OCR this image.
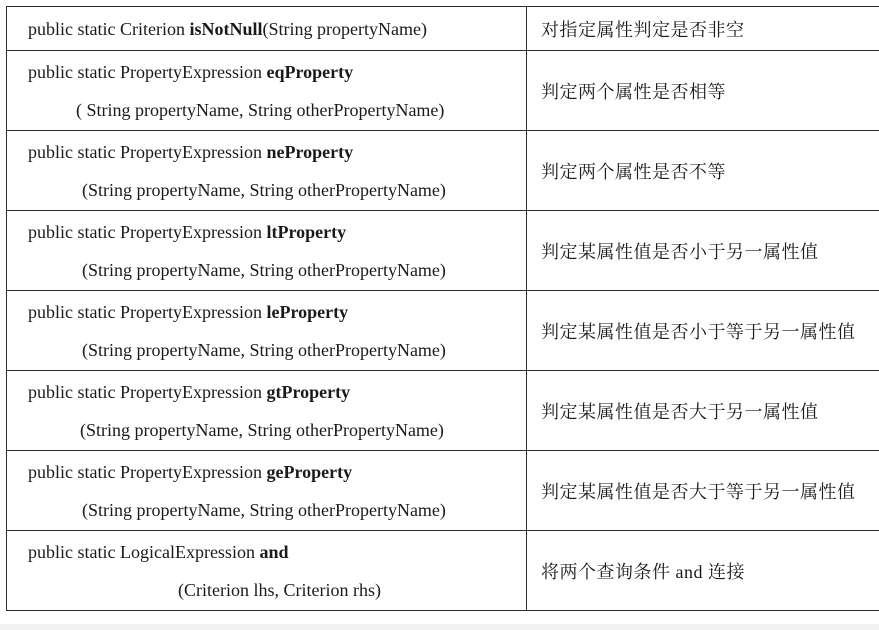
public static Criterion isNotNull(String propertyName)	对指定属性判定是否非空

public static PropertyExpression eqProperty
( String propertyName, String otherPropertyName)	判定两个属性是否相等

public static PropertyExpression neProperty
(String propertyName, String otherPropertyName)	判定两个属性是否不等

public static PropertyExpression ltProperty
(String propertyName, String otherPropertyName)	判定某属性值是否小于另一属性值

public static PropertyExpression leProperty
(String propertyName, String otherPropertyName)	判定某属性值是否小于等于另一属性值

public static PropertyExpression gtProperty
(String propertyName, String otherPropertyName)	判定某属性值是否大于另一属性值

public static PropertyExpression geProperty
(String propertyName, String otherPropertyName)	判定某属性值是否大于等于另一属性值

public static LogicalExpression and
(Criterion lhs, Criterion rhs)	将两个查询条件 and 连接
